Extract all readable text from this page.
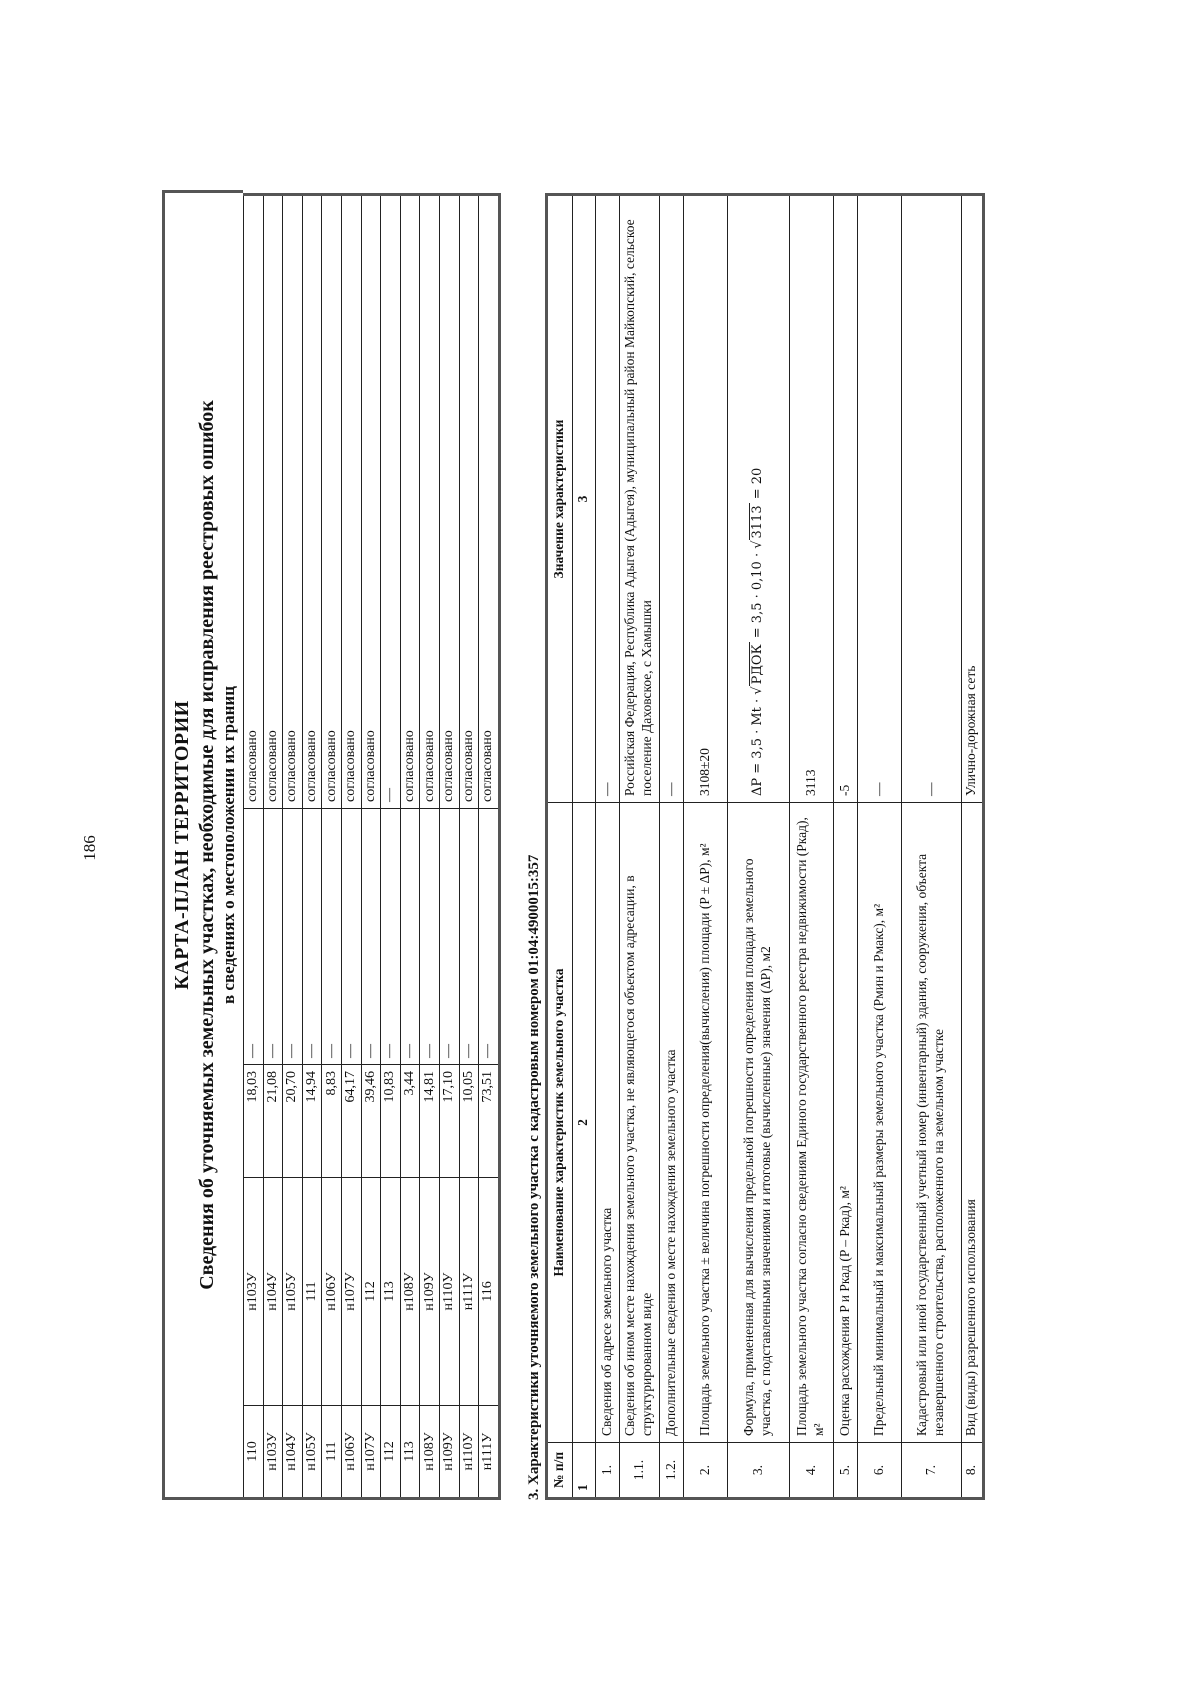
186	КАРТА-ПЛАН ТЕРРИТОРИИ Сведения об уточняемых земельных участках, необходимые для исправления реестровых ошибок в сведениях о местоположении их границ
110	н103У	18,03	—	согласовано
н103У	н104У	21,08	—	согласовано
н104У	н105У	20,70	—	согласовано
н105У	111	14,94	—	согласовано
111	н106У	8,83	—	согласовано
н106У	н107У	64,17	—	согласовано
н107У	112	39,46	—	согласовано
112	113	10,83	—	—
113	н108У	3,44	—	согласовано
н108У	н109У	14,81	—	согласовано
н109У	н110У	17,10	—	согласовано
н110У	н111У	10,05	—	согласовано
н111У	116	73,51	—	согласовано
3. Характеристики уточняемого земельного участка с кадастровым номером 01:04:4900015:357 № п/п	Наименование характеристик земельного участка	Значение характеристики
1	2	3
1.	Сведения об адресе земельного участка	—
1.1.	Сведения об ином месте нахождения земельного участка, не являющегося объектом адресации, в структурированном виде	Российская Федерация, Республика Адыгея (Адыгея), муниципальный район Майкопский, сельское поселение Даховское, с Хамышки
1.2.	Дополнительные сведения о месте нахождения земельного участка	—
2.	Площадь земельного участка ± величина погрешности определения(вычисления) площади (P ± ΔP), м²	3108±20
3.	Формула, примененная для вычисления предельной погрешности определения площади земельного участка, с подставленными значениями и итоговые (вычисленные) значения (ΔP), м2	ΔP = 3,5 · Mt · √PДОК = 3,5 · 0,10 · √3113 = 20
4.	Площадь земельного участка согласно сведениям Единого государственного реестра недвижимости (Pкад), м²	3113
5.	Оценка расхождения P и Pкад (P – Pкад), м²	-5
6.	Предельный минимальный и максимальный размеры земельного участка (Pмин и Pмакс), м²	—
7.	Кадастровый или иной государственный учетный номер (инвентарный) здания, сооружения, объекта незавершенного строительства, расположенного на земельном участке	—
8.	Вид (виды) разрешенного использования	Улично-дорожная сеть
